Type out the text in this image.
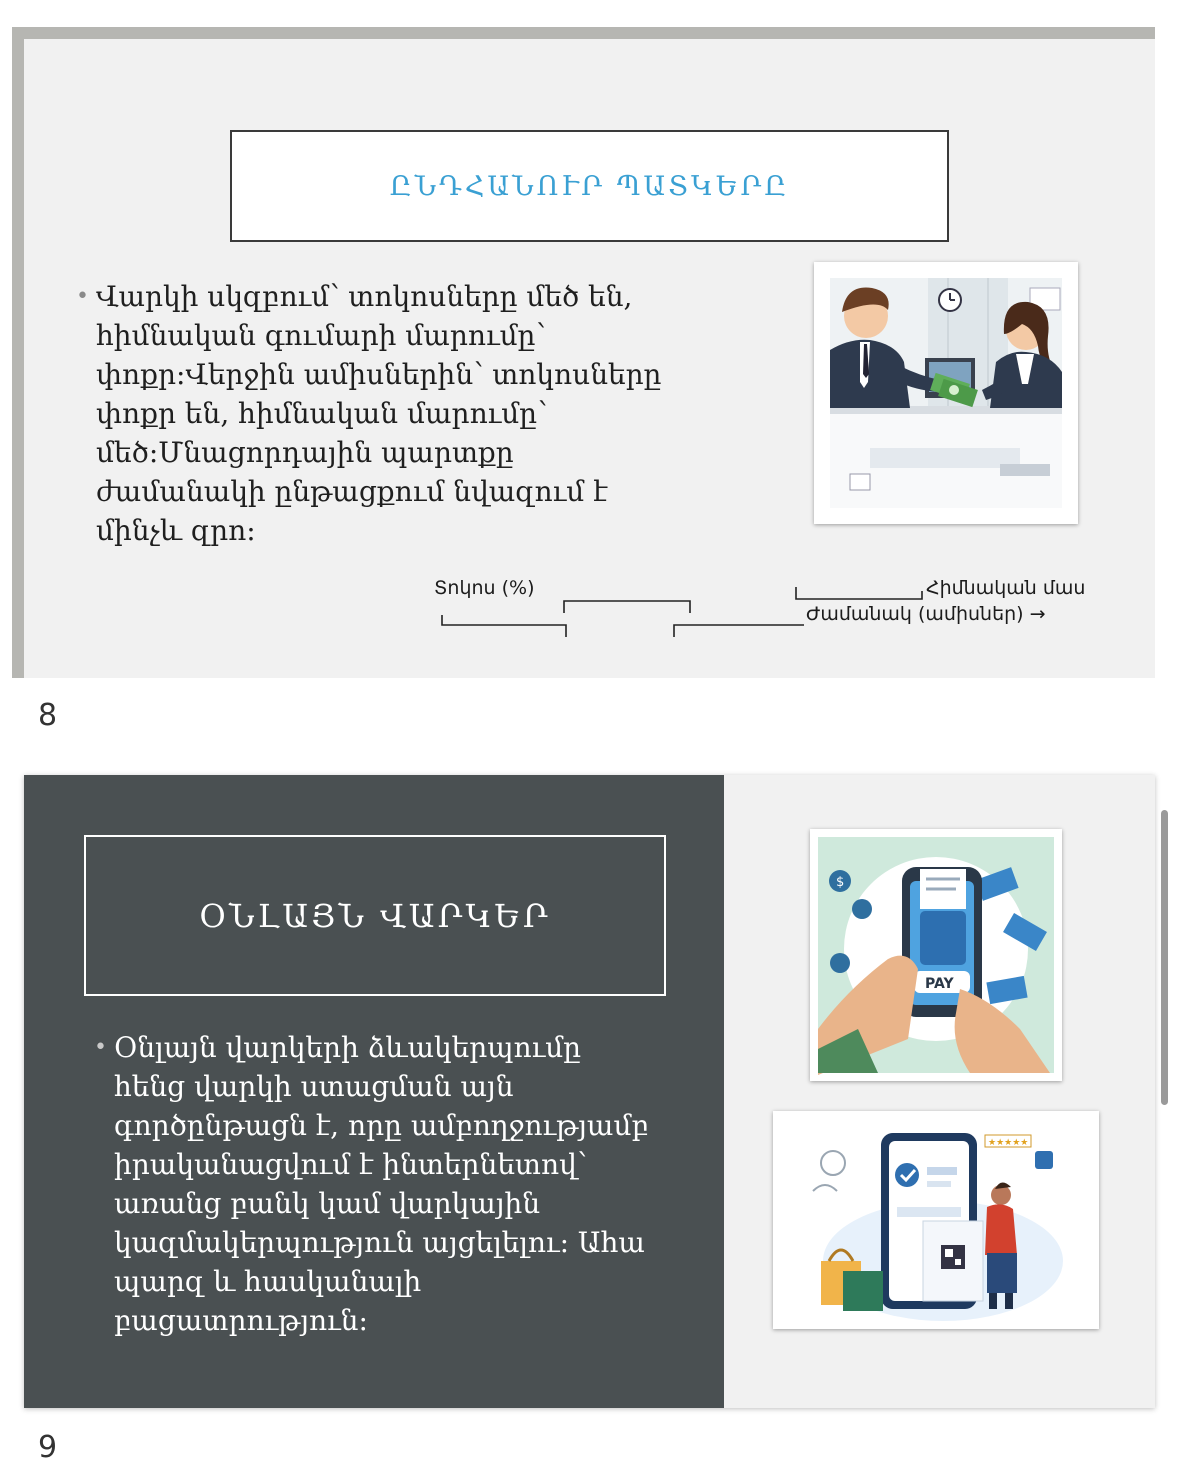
ԸՆԴՀԱՆՈՒՐ ՊԱՏԿԵՐԸ
• Վարկի սկզբում՝ տոկոսները մեծ են,
հիմնական գումարի մարումը՝
փոքր:Վերջին ամիսներին՝ տոկոսները
փոքր են, հիմնական մարումը՝
մեծ:Մնացորդային պարտքը
ժամանակի ընթացքում նվազում է
մինչև զրո:
Տոկոս (%)	Հիմնական մաս
Ժամանակ (ամիսներ) →
8
ՕՆԼԱՅՆ ՎԱՐԿԵՐ
• Օնլայն վարկերի ձևակերպումը
հենց վարկի ստացման այն
գործընթացն է, որը ամբողջությամբ
իրականացվում է ինտերնետով՝
առանց բանկ կամ վարկային
կազմակերպություն այցելելու: Ահա
պարզ և հասկանալի
բացատրություն:
$
PAY
★★★★★
9
